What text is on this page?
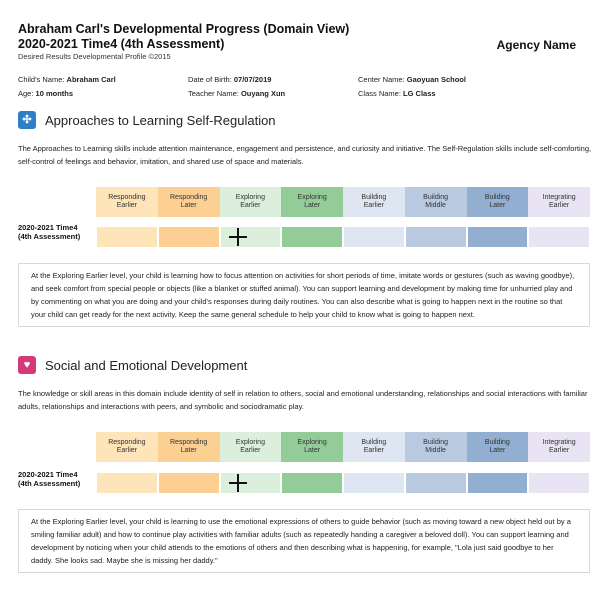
Abraham Carl's Developmental Progress (Domain View)
2020-2021 Time4 (4th Assessment)
Desired Results Developmental Profile ©2015
Agency Name
Child's Name: Abraham Carl
Age: 10 months
Date of Birth: 07/07/2019
Teacher Name: Ouyang Xun
Center Name: Gaoyuan School
Class Name: LG Class
✣ Approaches to Learning Self-Regulation
The Approaches to Learning skills include attention maintenance, engagement and persistence, and curiosity and initiative. The Self-Regulation skills include self-comforting, self-control of feelings and behavior, imitation, and shared use of space and materials.
Responding
Earlier
Responding
Later
Exploring
Earlier
Exploring
Later
Building
Earlier
Building
Middle
Building
Later
Integrating
Earlier
2020-2021 Time4 (4th Assessment)
At the Exploring Earlier level, your child is learning how to focus attention on activities for short periods of time, imitate words or gestures (such as waving goodbye), and seek comfort from special people or objects (like a blanket or stuffed animal). You can support learning and development by making time for unhurried play and by commenting on what you are doing and your child's responses during daily routines. You can also describe what is going to happen next in the routine so that your child can get ready for the next activity. Keep the same general schedule to help your child to know what is going to happen next.
♥ Social and Emotional Development
The knowledge or skill areas in this domain include identity of self in relation to others, social and emotional understanding, relationships and social interactions with familiar adults, relationships and interactions with peers, and symbolic and sociodramatic play.
Responding
Earlier
Responding
Later
Exploring
Earlier
Exploring
Later
Building
Earlier
Building
Middle
Building
Later
Integrating
Earlier
2020-2021 Time4 (4th Assessment)
At the Exploring Earlier level, your child is learning to use the emotional expressions of others to guide behavior (such as moving toward a new object held out by a smiling familiar adult) and how to continue play activities with familiar adults (such as repeatedly handing a caregiver a beloved doll). You can support learning and development by noticing when your child attends to the emotions of others and then describing what is happening, for example, "Lola just said goodbye to her daddy. She looks sad. Maybe she is missing her daddy."
